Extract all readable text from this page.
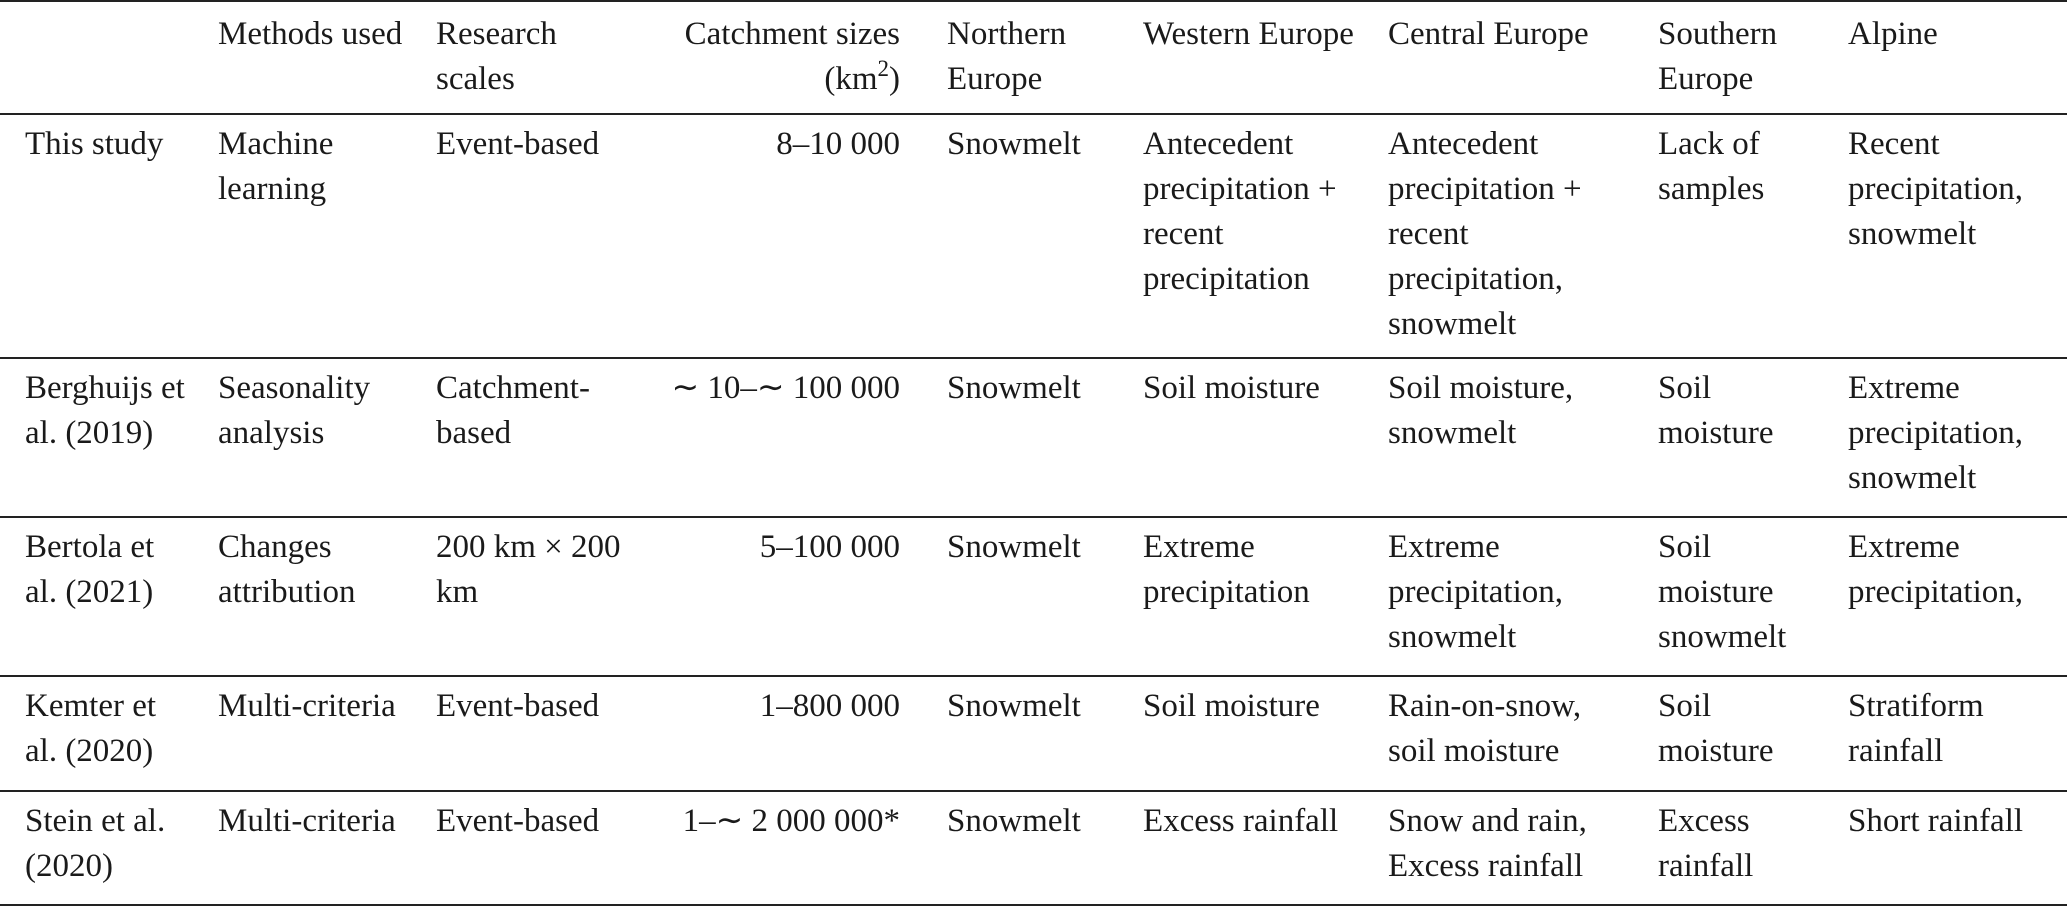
	Methods used	Research scales	Catchment sizes $(km^2)$	Northern Europe	Western Europe	Central Europe	Southern Europe	Alpine
This study	Machine learning	Event-based	8–10 000	Snowmelt	Antecedent precipitation + recent precipitation	Antecedent precipitation + recent precipitation, snowmelt	Lack of samples	Recent precipitation, snowmelt
Berghuijs et al. (2019)	Seasonality analysis	Catchment-based	∼ 10–∼ 100 000	Snowmelt	Soil moisture	Soil moisture, snowmelt	Soil moisture	Extreme precipitation, snowmelt
Bertola et al. (2021)	Changes attribution	200 km × 200 km	5–100 000	Snowmelt	Extreme precipitation	Extreme precipitation, snowmelt	Soil moisture snowmelt	Extreme precipitation,
Kemter et al. (2020)	Multi-criteria	Event-based	1–800 000	Snowmelt	Soil moisture	Rain-on-snow, soil moisture	Soil moisture	Stratiform rainfall
Stein et al. (2020)	Multi-criteria	Event-based	1–∼ 2 000 000*	Snowmelt	Excess rainfall	Snow and rain, Excess rainfall	Excess rainfall	Short rainfall
